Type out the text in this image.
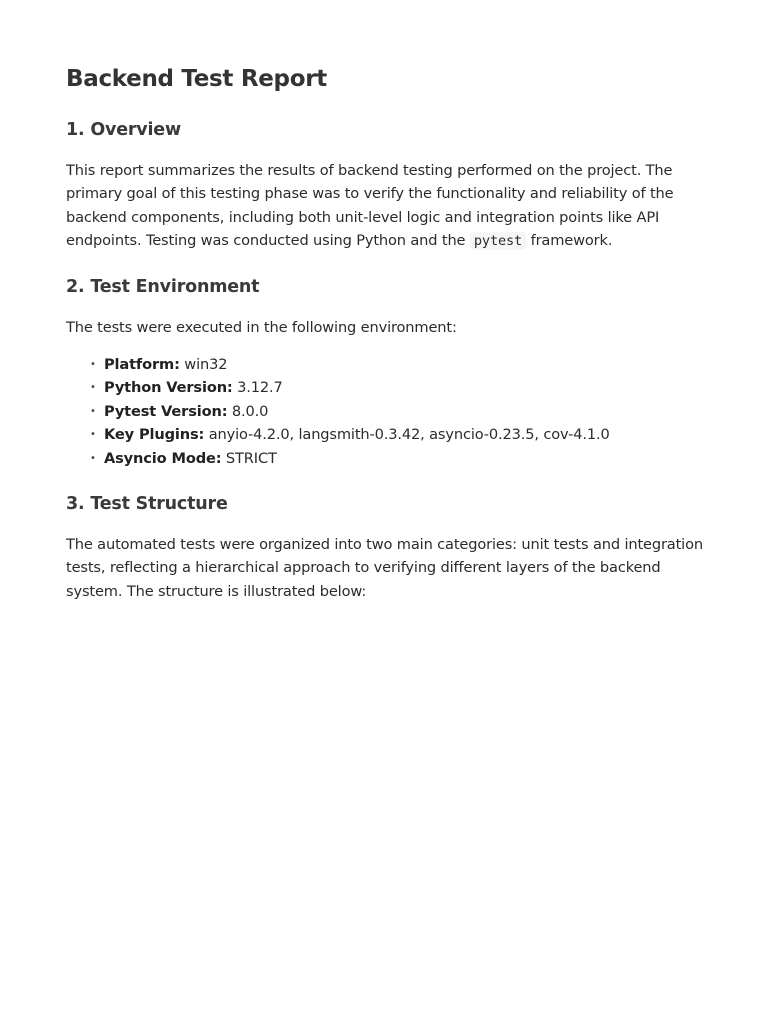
Backend Test Report
1. Overview

This report summarizes the results of backend testing performed on the project. The primary goal of this testing phase was to verify the functionality and reliability of the backend components, including both unit-level logic and integration points like API endpoints. Testing was conducted using Python and the pytest framework.

2. Test Environment

The tests were executed in the following environment:

• Platform: win32
• Python Version: 3.12.7
• Pytest Version: 8.0.0
• Key Plugins: anyio-4.2.0, langsmith-0.3.42, asyncio-0.23.5, cov-4.1.0
• Asyncio Mode: STRICT
3. Test Structure

The automated tests were organized into two main categories: unit tests and integration tests, reflecting a hierarchical approach to verifying different layers of the backend system. The structure is illustrated below:
